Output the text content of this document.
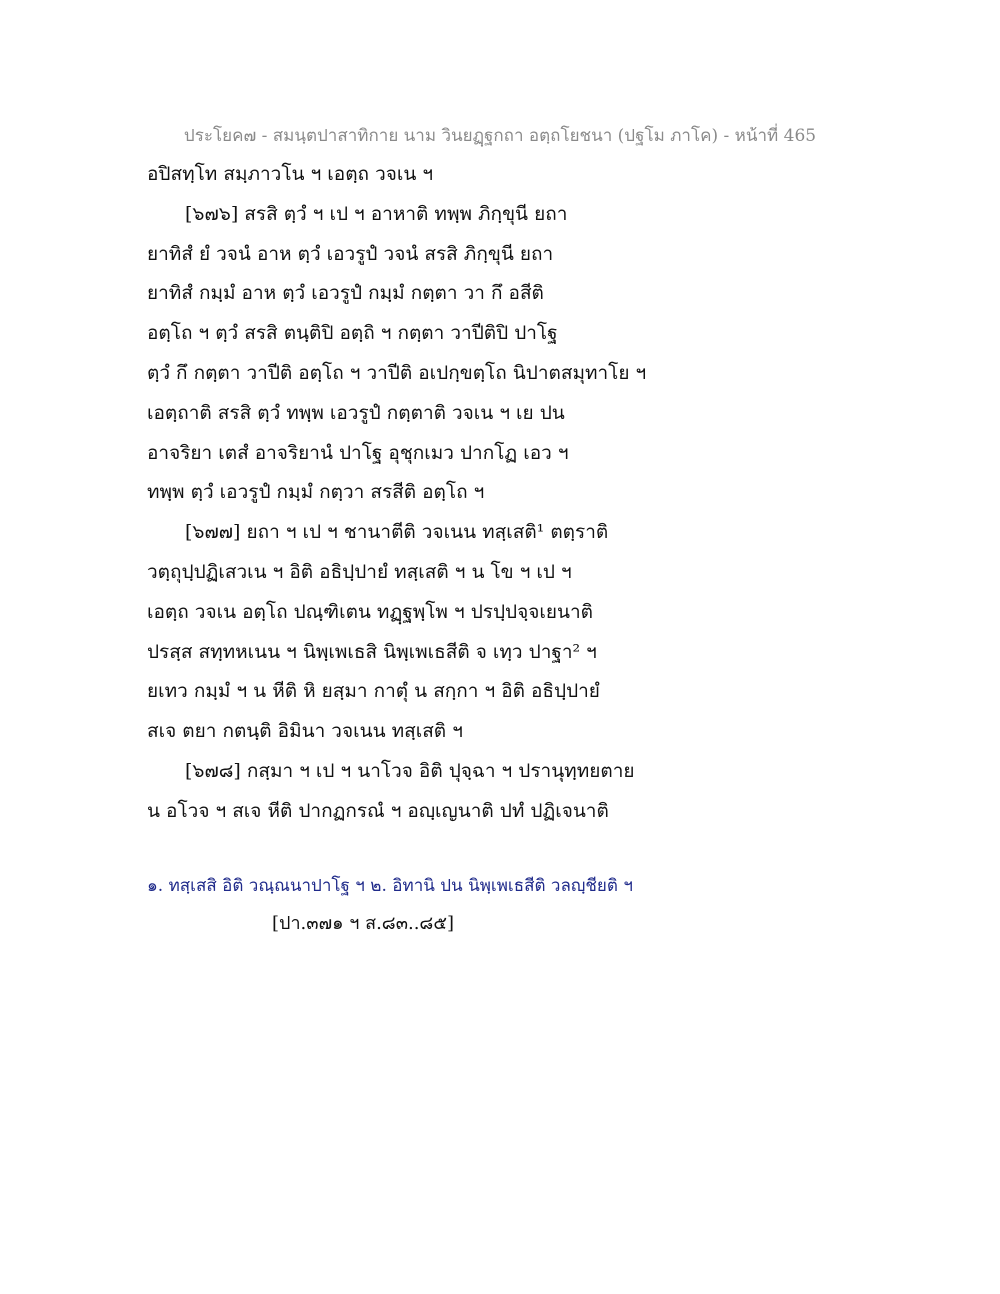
ประโยค๗ - สมนฺตปาสาทิกาย นาม วินยฏฺฐกถา อตฺถโยชนา (ปฐโม ภาโค) - หน้าที่ 465
อปิสทฺโท สมฺภาวโน ฯ เอตฺถ วจเน ฯ
[๖๗๖] สรสิ ตฺวํ ฯ เป ฯ อาหาติ ทพฺพ ภิกฺขุนี ยถา
ยาทิสํ ยํ วจนํ อาห ตฺวํ เอวรูปํ วจนํ สรสิ ภิกฺขุนี ยถา
ยาทิสํ กมฺมํ อาห ตฺวํ เอวรูปํ กมฺมํ กตฺตา วา กึ อสีติ
อตฺโถ ฯ ตฺวํ สรสิ ตนฺติปิ อตฺถิ ฯ กตฺตา วาปีติปิ ปาโฐ
ตฺวํ กึ กตฺตา วาปีติ อตฺโถ ฯ วาปีติ อเปกฺขตฺโถ นิปาตสมุทาโย ฯ
เอตฺถาติ สรสิ ตฺวํ ทพฺพ เอวรูปํ กตฺตาติ วจเน ฯ เย ปน
อาจริยา เตสํ อาจริยานํ ปาโฐ อุชุกเมว ปากโฏ เอว ฯ
ทพฺพ ตฺวํ เอวรูปํ กมฺมํ กตฺวา สรสีติ อตฺโถ ฯ
[๖๗๗] ยถา ฯ เป ฯ ชานาตีติ วจเนน ทสฺเสติ¹ ตตฺราติ
วตฺถุปฺปฏิเสวเน ฯ อิติ อธิปฺปายํ ทสฺเสติ ฯ น โข ฯ เป ฯ
เอตฺถ วจเน อตฺโถ ปณฺฑิเตน ทฏฺฐพฺโพ ฯ ปรปฺปจฺจเยนาติ
ปรสฺส สทฺทหเนน ฯ นิพฺเพเธสิ นิพฺเพเธสีติ จ เทฺว ปาฐา² ฯ
ยเทว กมฺมํ ฯ น หีติ หิ ยสฺมา กาตุํ น สกฺกา ฯ อิติ อธิปฺปายํ
สเจ ตยา กตนฺติ อิมินา วจเนน ทสฺเสติ ฯ
[๖๗๘] กสฺมา ฯ เป ฯ นาโวจ อิติ ปุจฺฉา ฯ ปรานุทฺทยตาย
น อโวจ ฯ สเจ หีติ ปากฏกรณํ ฯ อญฺเญนาติ ปทํ ปฏิเจนาติ
๑. ทสฺเสสิ อิติ วณฺณนาปาโฐ ฯ ๒. อิทานิ ปน นิพฺเพเธสีติ วลญฺชียติ ฯ
[ปา.๓๗๑ ฯ ส.๘๓..๘๕]
